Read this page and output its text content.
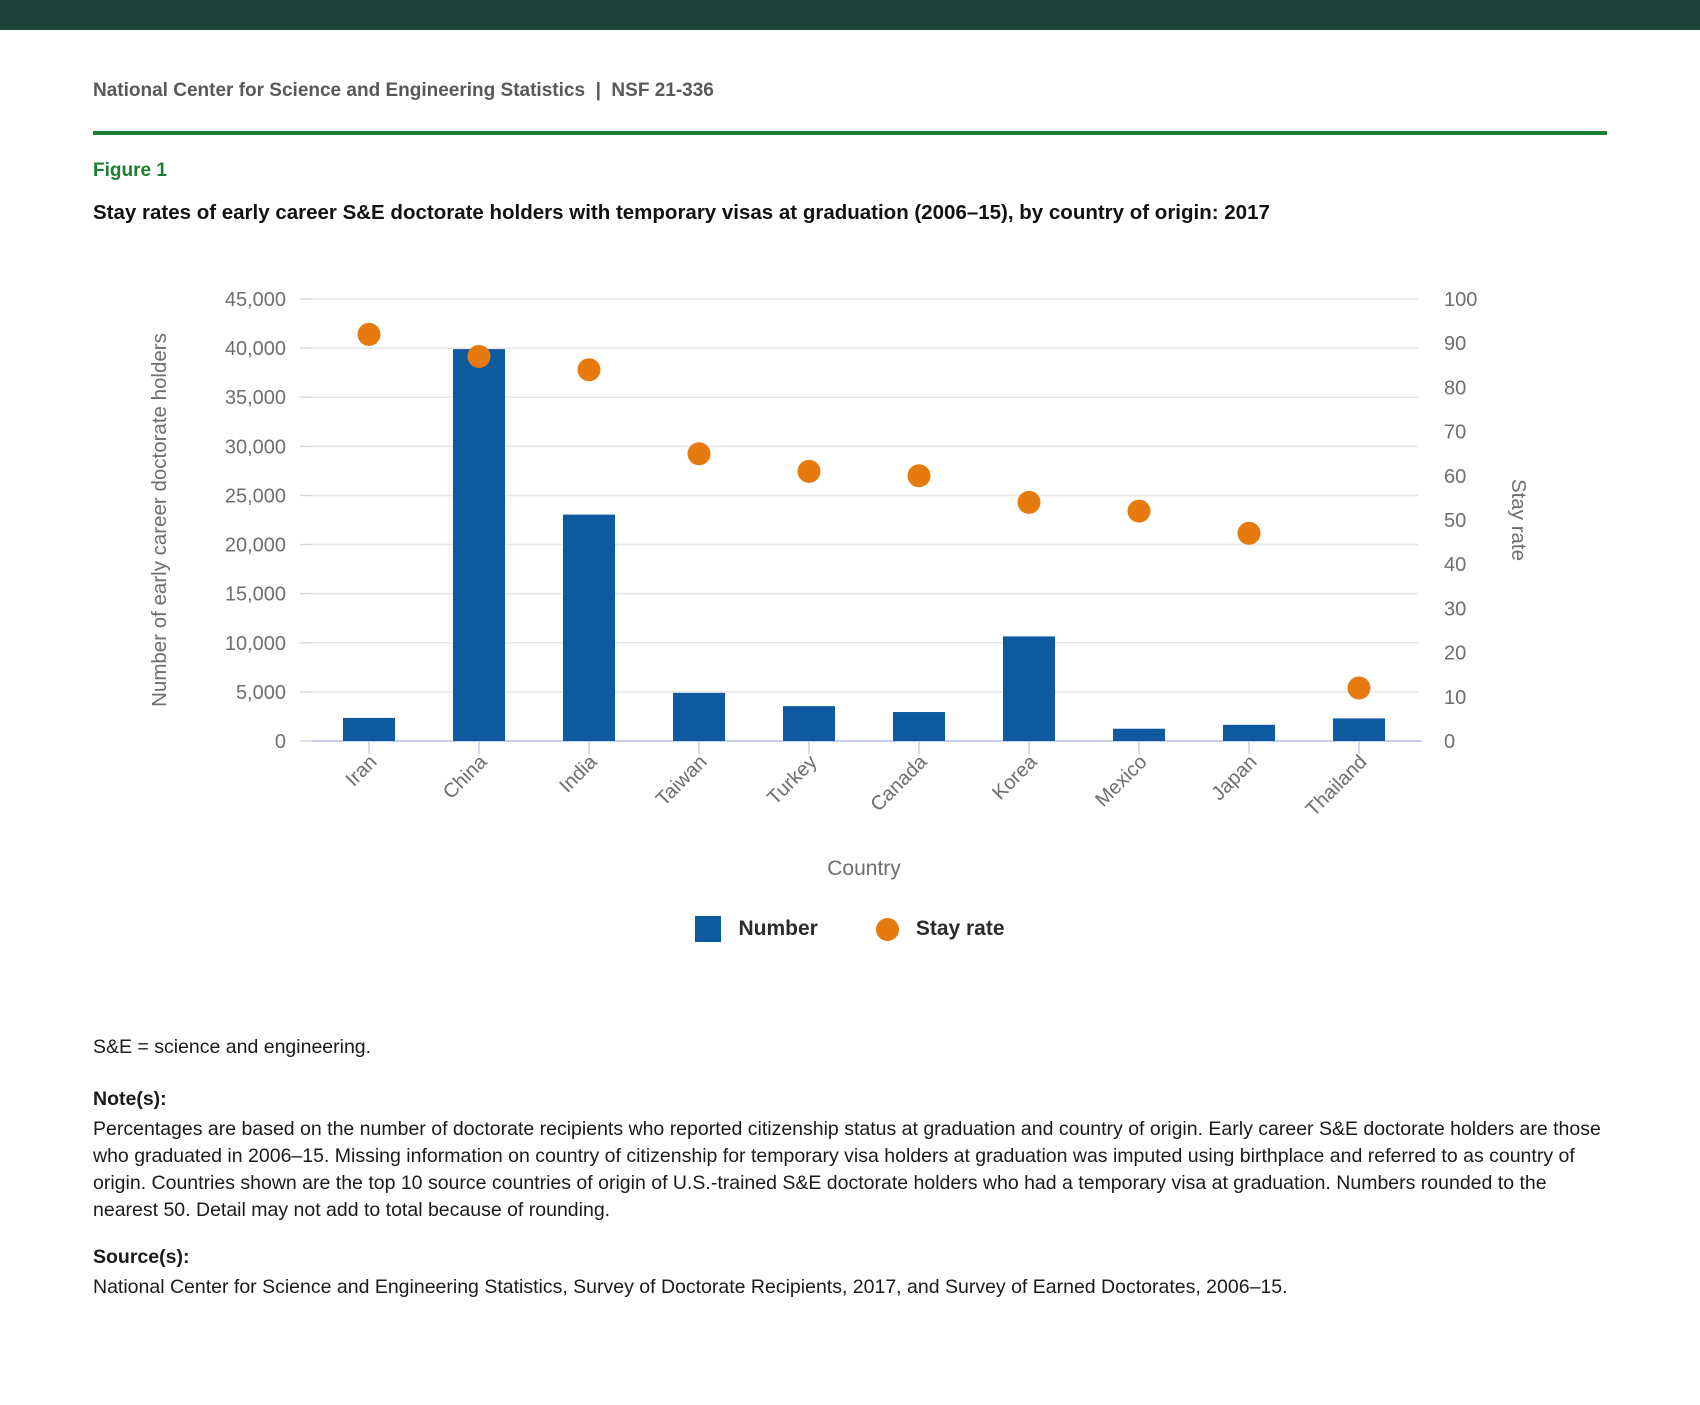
National Center for Science and Engineering Statistics  |  NSF 21-336
Figure 1
Stay rates of early career S&E doctorate holders with temporary visas at graduation (2006–15), by country of origin: 2017
0
5,000
10,000
15,000
20,000
25,000
30,000
35,000
40,000
45,000
0
10
20
30
40
50
60
70
80
90
100
Iran	China	India	Taiwan	Turkey Canada	Korea Mexico	Japan Thailand
Number of early career doctorate holders	Stay rate
Country
Number	Stay rate
S&E = science and engineering.
Note(s):
Percentages are based on the number of doctorate recipients who reported citizenship status at graduation and country of origin. Early career S&E doctorate holders are those who graduated in 2006–15. Missing information on country of citizenship for temporary visa holders at graduation was imputed using birthplace and referred to as country of origin. Countries shown are the top 10 source countries of origin of U.S.-trained S&E doctorate holders who had a temporary visa at graduation. Numbers rounded to the nearest 50. Detail may not add to total because of rounding.
Source(s):
National Center for Science and Engineering Statistics, Survey of Doctorate Recipients, 2017, and Survey of Earned Doctorates, 2006–15.
